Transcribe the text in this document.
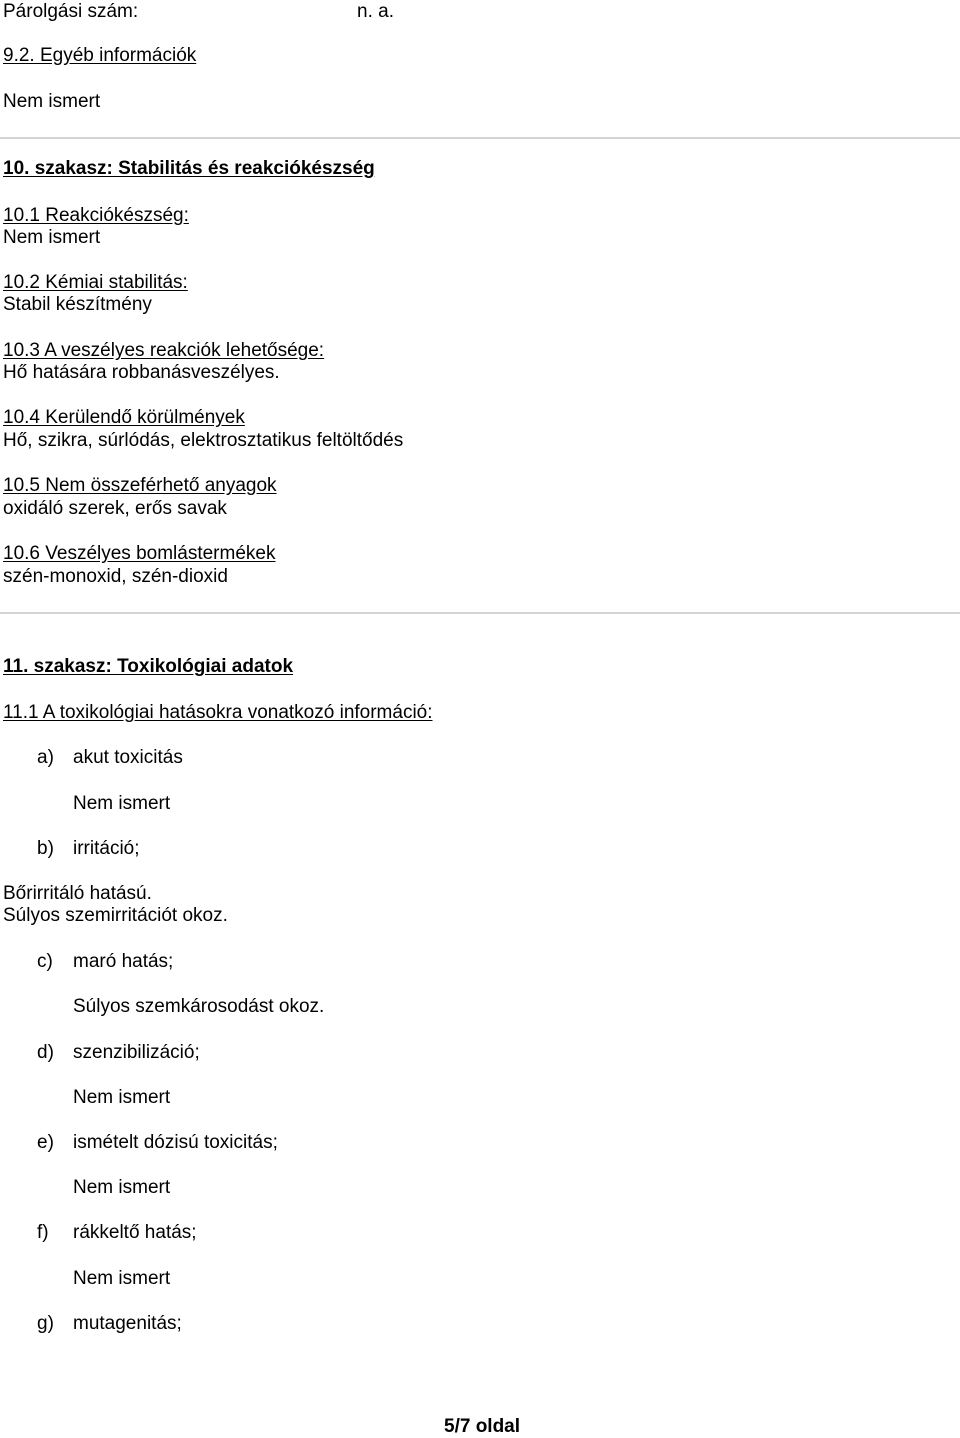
Párolgási szám:	n. a.
9.2. Egyéb információk
Nem ismert
10. szakasz: Stabilitás és reakciókészség
10.1 Reakciókészség:
Nem ismert
10.2 Kémiai stabilitás:
Stabil készítmény
10.3 A veszélyes reakciók lehetősége:
Hő hatására robbanásveszélyes.
10.4 Kerülendő körülmények
Hő, szikra, súrlódás, elektrosztatikus feltöltődés
10.5 Nem összeférhető anyagok
oxidáló szerek, erős savak
10.6 Veszélyes bomlástermékek
szén-monoxid, szén-dioxid
11. szakasz: Toxikológiai adatok
11.1 A toxikológiai hatásokra vonatkozó információ:
a) akut toxicitás
Nem ismert
b) irritáció;
Bőrirritáló hatású.
Súlyos szemirritációt okoz.
c) maró hatás;
Súlyos szemkárosodást okoz.
d) szenzibilizáció;
Nem ismert
e) ismételt dózisú toxicitás;
Nem ismert
f) rákkeltő hatás;
Nem ismert
g) mutagenitás;
5/7 oldal
